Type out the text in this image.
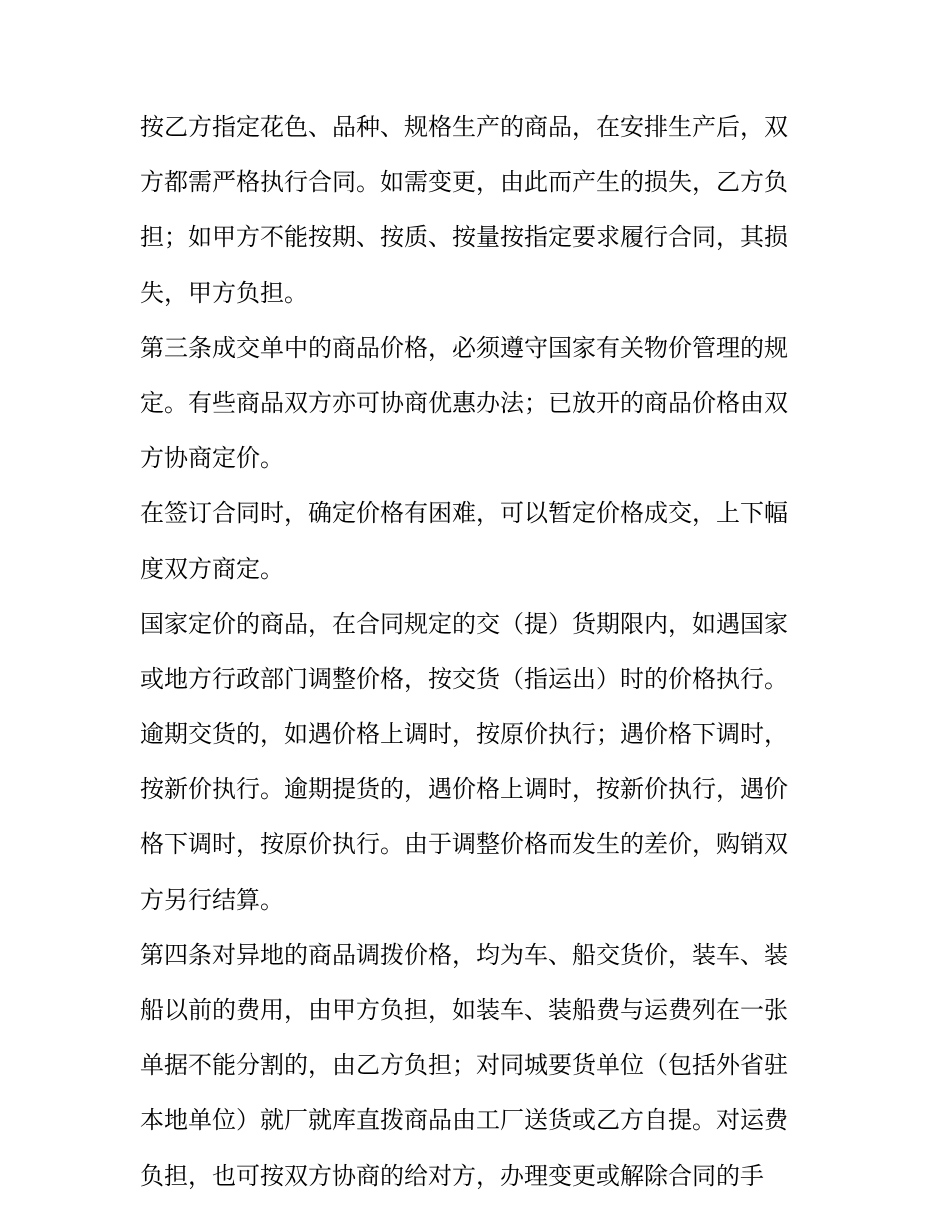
按乙方指定花色、品种、规格生产的商品，在安排生产后，双
方都需严格执行合同。如需变更，由此而产生的损失，乙方负
担；如甲方不能按期、按质、按量按指定要求履行合同，其损
失，甲方负担。
第三条成交单中的商品价格，必须遵守国家有关物价管理的规
定。有些商品双方亦可协商优惠办法；已放开的商品价格由双
方协商定价。
在签订合同时，确定价格有困难，可以暂定价格成交，上下幅
度双方商定。
国家定价的商品，在合同规定的交（提）货期限内，如遇国家
或地方行政部门调整价格，按交货（指运出）时的价格执行。
逾期交货的，如遇价格上调时，按原价执行；遇价格下调时，
按新价执行。逾期提货的，遇价格上调时，按新价执行，遇价
格下调时，按原价执行。由于调整价格而发生的差价，购销双
方另行结算。
第四条对异地的商品调拨价格，均为车、船交货价，装车、装
船以前的费用，由甲方负担，如装车、装船费与运费列在一张
单据不能分割的，由乙方负担；对同城要货单位（包括外省驻
本地单位）就厂就库直拨商品由工厂送货或乙方自提。对运费
负担，也可按双方协商的给对方，办理变更或解除合同的手
